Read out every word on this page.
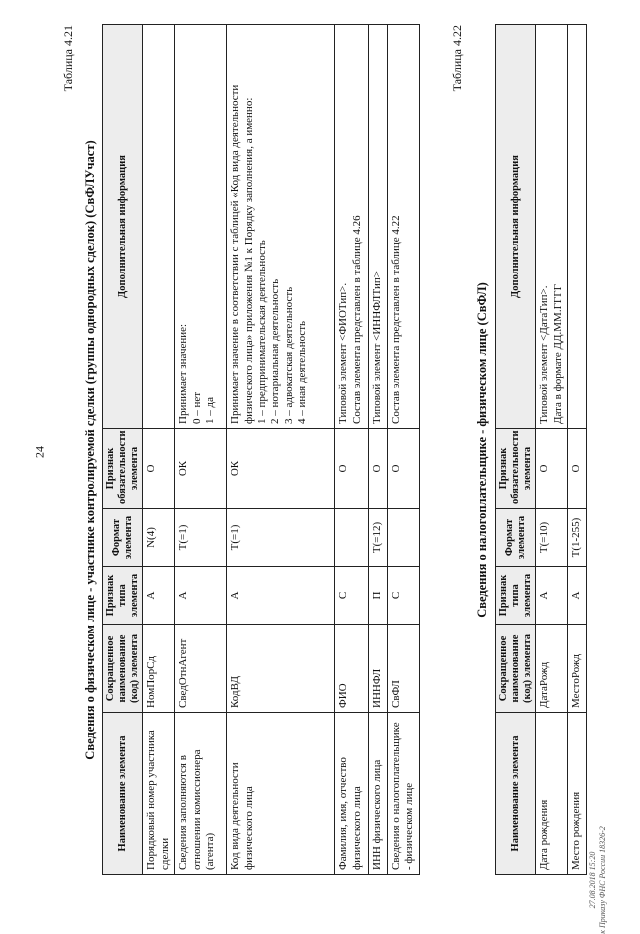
24
Таблица 4.21
Сведения о физическом лице - участнике контролируемой сделки (группы однородных сделок) (СвФЛУчаст)
Наименование элемента	Сокращенное наименование (код) элемента	Признак типа элемента	Формат элемента	Признак обязательности элемента	Дополнительная информация
Порядковый номер участника сделки	НомПорСд	А	N(4)	О	
Сведения заполняются в отношении комиссионера (агента)	СведОтнАгент	А	T(=1)	ОК	Принимает значение:
0 – нет
1 – да
Код вида деятельности физического лица	КодВД	А	T(=1)	ОК	Принимает значение в соответствии с таблицей «Код вида деятельности физического лица» приложения №1 к Порядку заполнения, а именно:
1 – предпринимательская деятельность
2 – нотариальная деятельность
3 – адвокатская деятельность
4 – иная деятельность
Фамилия, имя, отчество физического лица	ФИО	С		О	Типовой элемент <ФИОТип>.
Состав элемента представлен в таблице 4.26
ИНН физического лица	ИННФЛ	П	T(=12)	О	Типовой элемент <ИННФЛТип>
Сведения о налогоплательщике - физическом лице	СвФЛ	С		О	Состав элемента представлен в таблице 4.22
Таблица 4.22
Сведения о налогоплательщике - физическом лице (СвФЛ)
Наименование элемента	Сокращенное наименование (код) элемента	Признак типа элемента	Формат элемента	Признак обязательности элемента	Дополнительная информация
Дата рождения	ДатаРожд	А	T(=10)	О	Типовой элемент <ДатаТип>.
Дата в формате ДД.ММ.ГГГГ
Место рождения	МестоРожд	А	T(1-255)	О	
27.08.2018 15:20 к Приказу ФНС России 18326-2
